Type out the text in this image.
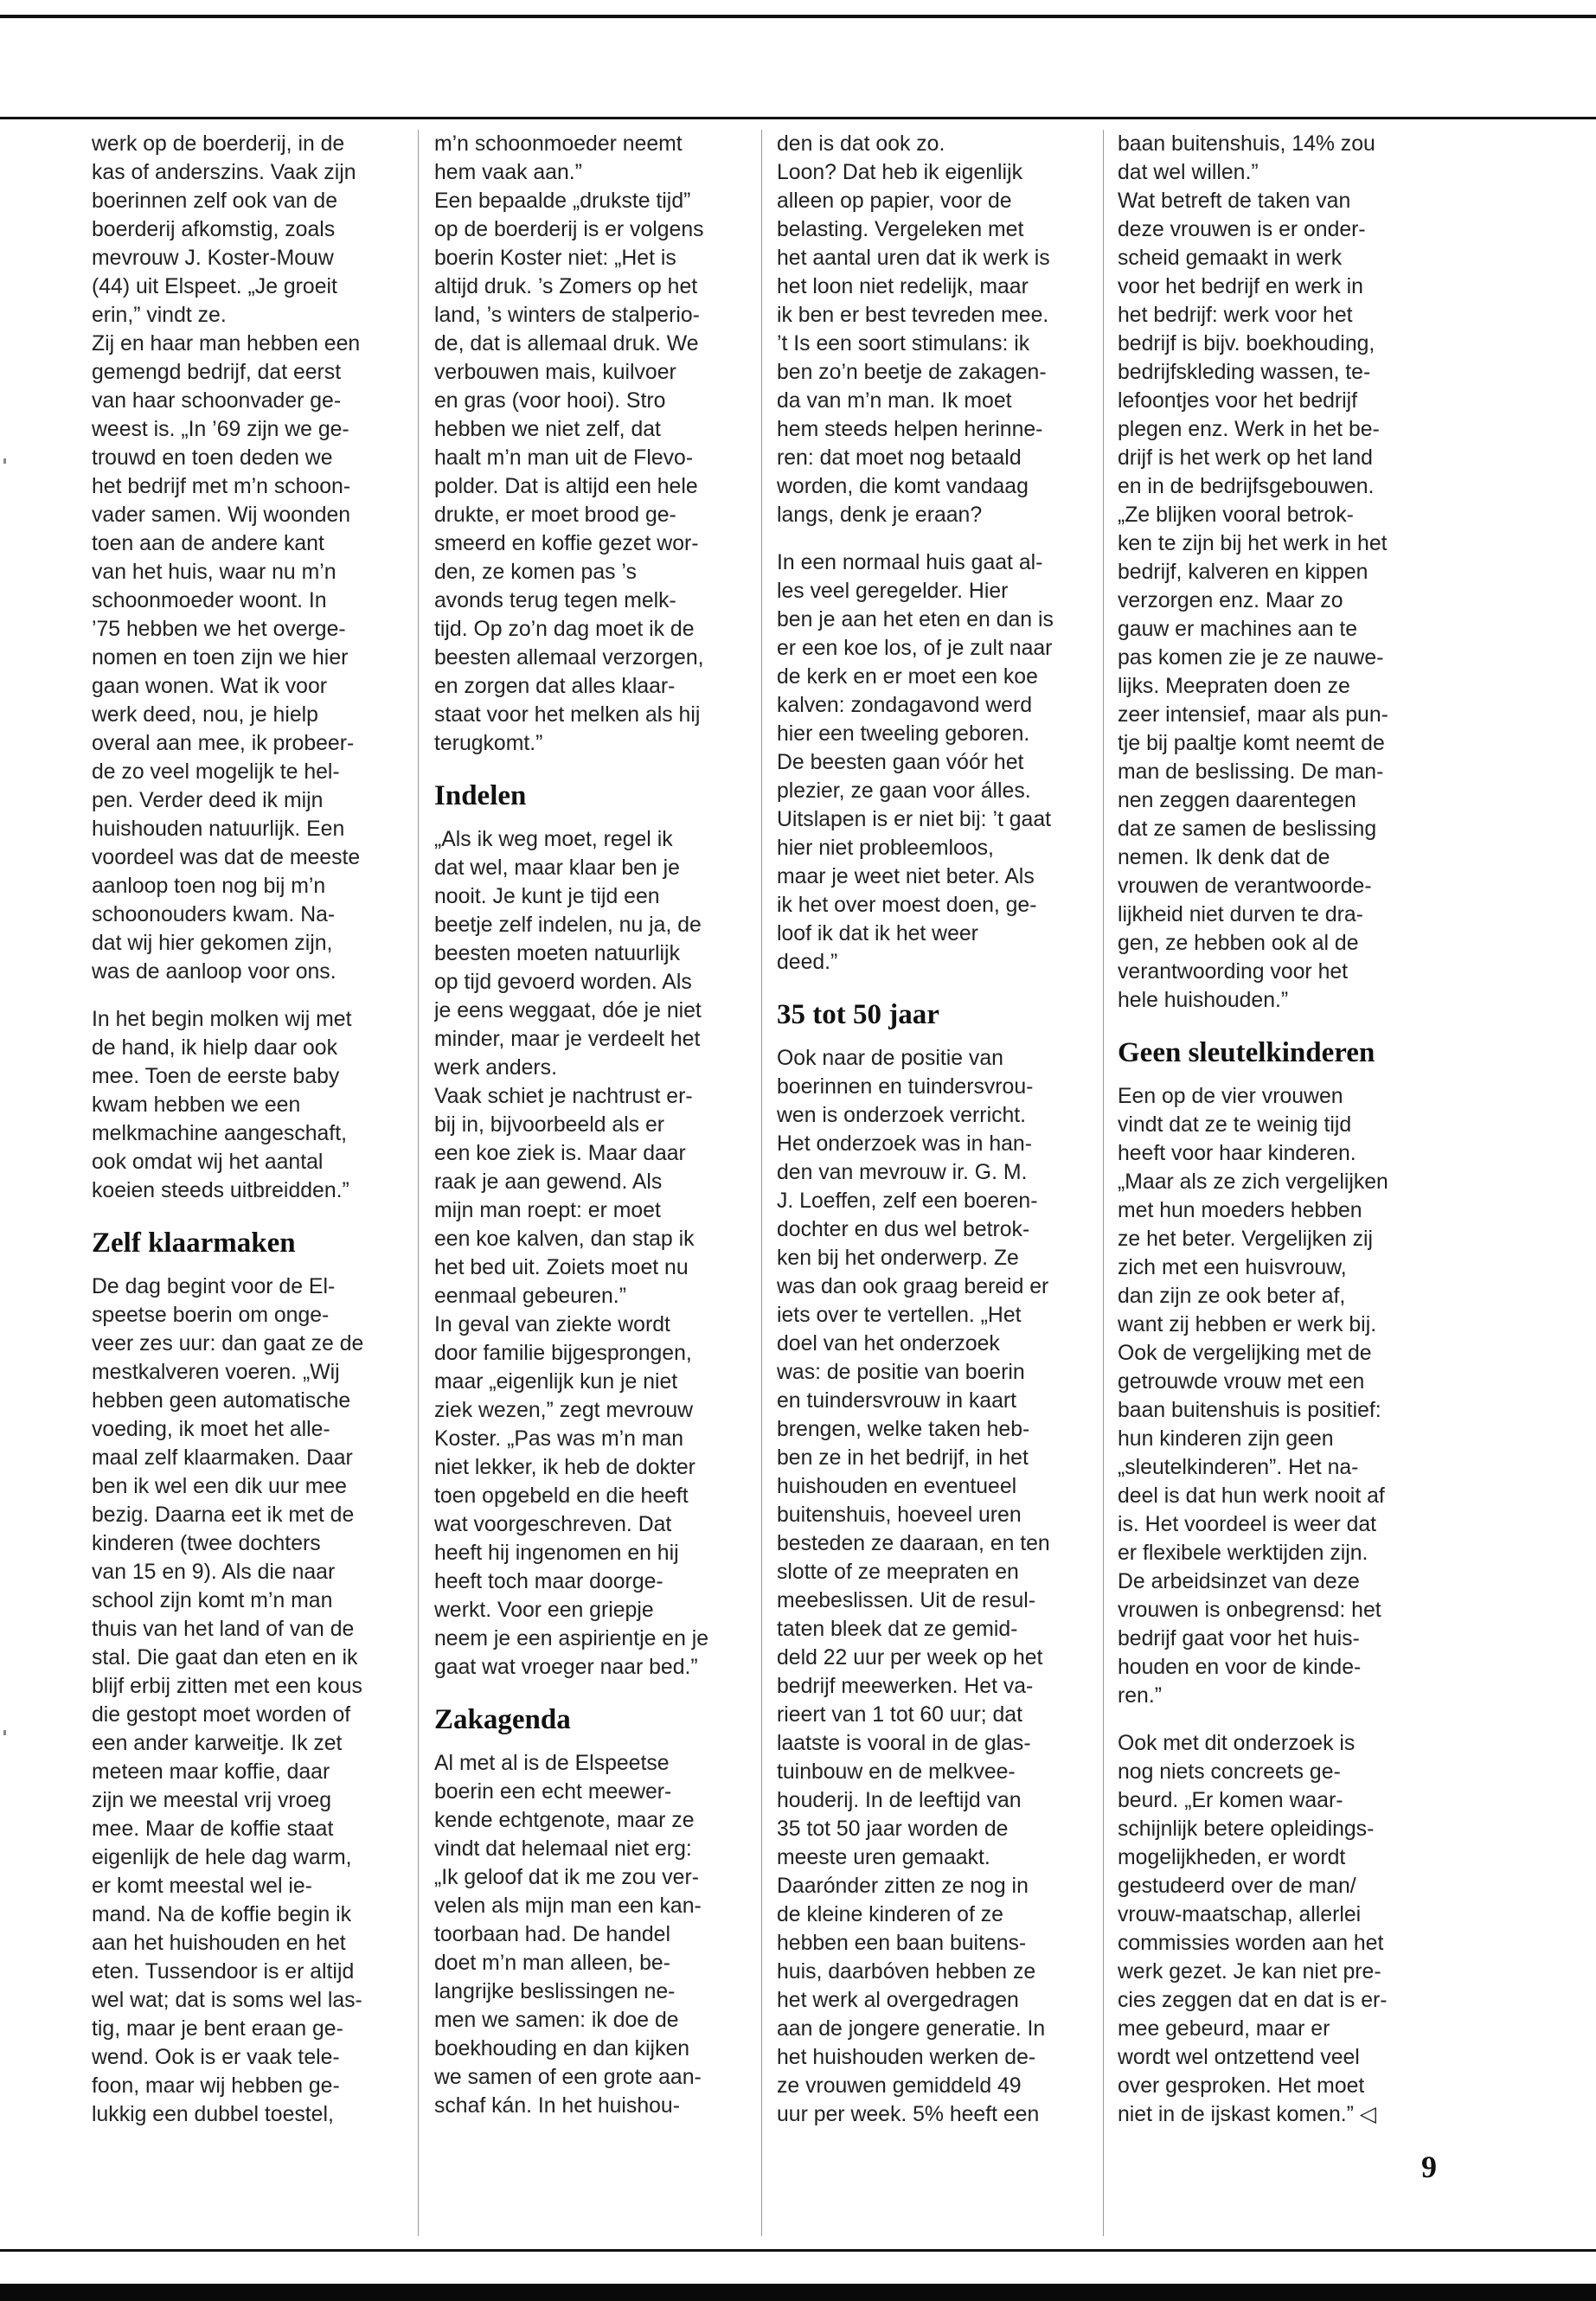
werk op de boerderij, in de
kas of anderszins. Vaak zijn
boerinnen zelf ook van de
boerderij afkomstig, zoals
mevrouw J. Koster-Mouw
(44) uit Elspeet. „Je groeit
erin,” vindt ze.
Zij en haar man hebben een
gemengd bedrijf, dat eerst
van haar schoonvader ge-
weest is. „In ’69 zijn we ge-
trouwd en toen deden we
het bedrijf met m’n schoon-
vader samen. Wij woonden
toen aan de andere kant
van het huis, waar nu m’n
schoonmoeder woont. In
’75 hebben we het overge-
nomen en toen zijn we hier
gaan wonen. Wat ik voor
werk deed, nou, je hielp
overal aan mee, ik probeer-
de zo veel mogelijk te hel-
pen. Verder deed ik mijn
huishouden natuurlijk. Een
voordeel was dat de meeste
aanloop toen nog bij m’n
schoonouders kwam. Na-
dat wij hier gekomen zijn,
was de aanloop voor ons.

In het begin molken wij met
de hand, ik hielp daar ook
mee. Toen de eerste baby
kwam hebben we een
melkmachine aangeschaft,
ook omdat wij het aantal
koeien steeds uitbreidden.”

Zelf klaarmaken

De dag begint voor de El-
speetse boerin om onge-
veer zes uur: dan gaat ze de
mestkalveren voeren. „Wij
hebben geen automatische
voeding, ik moet het alle-
maal zelf klaarmaken. Daar
ben ik wel een dik uur mee
bezig. Daarna eet ik met de
kinderen (twee dochters
van 15 en 9). Als die naar
school zijn komt m’n man
thuis van het land of van de
stal. Die gaat dan eten en ik
blijf erbij zitten met een kous
die gestopt moet worden of
een ander karweitje. Ik zet
meteen maar koffie, daar
zijn we meestal vrij vroeg
mee. Maar de koffie staat
eigenlijk de hele dag warm,
er komt meestal wel ie-
mand. Na de koffie begin ik
aan het huishouden en het
eten. Tussendoor is er altijd
wel wat; dat is soms wel las-
tig, maar je bent eraan ge-
wend. Ook is er vaak tele-
foon, maar wij hebben ge-
lukkig een dubbel toestel,

m’n schoonmoeder neemt
hem vaak aan.”
Een bepaalde „drukste tijd”
op de boerderij is er volgens
boerin Koster niet: „Het is
altijd druk. ’s Zomers op het
land, ’s winters de stalperio-
de, dat is allemaal druk. We
verbouwen mais, kuilvoer
en gras (voor hooi). Stro
hebben we niet zelf, dat
haalt m’n man uit de Flevo-
polder. Dat is altijd een hele
drukte, er moet brood ge-
smeerd en koffie gezet wor-
den, ze komen pas ’s
avonds terug tegen melk-
tijd. Op zo’n dag moet ik de
beesten allemaal verzorgen,
en zorgen dat alles klaar-
staat voor het melken als hij
terugkomt.”

Indelen

„Als ik weg moet, regel ik
dat wel, maar klaar ben je
nooit. Je kunt je tijd een
beetje zelf indelen, nu ja, de
beesten moeten natuurlijk
op tijd gevoerd worden. Als
je eens weggaat, dóe je niet
minder, maar je verdeelt het
werk anders.
Vaak schiet je nachtrust er-
bij in, bijvoorbeeld als er
een koe ziek is. Maar daar
raak je aan gewend. Als
mijn man roept: er moet
een koe kalven, dan stap ik
het bed uit. Zoiets moet nu
eenmaal gebeuren.”
In geval van ziekte wordt
door familie bijgesprongen,
maar „eigenlijk kun je niet
ziek wezen,” zegt mevrouw
Koster. „Pas was m’n man
niet lekker, ik heb de dokter
toen opgebeld en die heeft
wat voorgeschreven. Dat
heeft hij ingenomen en hij
heeft toch maar doorge-
werkt. Voor een griepje
neem je een aspirientje en je
gaat wat vroeger naar bed.”

Zakagenda

Al met al is de Elspeetse
boerin een echt meewer-
kende echtgenote, maar ze
vindt dat helemaal niet erg:
„Ik geloof dat ik me zou ver-
velen als mijn man een kan-
toorbaan had. De handel
doet m’n man alleen, be-
langrijke beslissingen ne-
men we samen: ik doe de
boekhouding en dan kijken
we samen of een grote aan-
schaf kán. In het huishou-

den is dat ook zo.
Loon? Dat heb ik eigenlijk
alleen op papier, voor de
belasting. Vergeleken met
het aantal uren dat ik werk is
het loon niet redelijk, maar
ik ben er best tevreden mee.
’t Is een soort stimulans: ik
ben zo’n beetje de zakagen-
da van m’n man. Ik moet
hem steeds helpen herinne-
ren: dat moet nog betaald
worden, die komt vandaag
langs, denk je eraan?

In een normaal huis gaat al-
les veel geregelder. Hier
ben je aan het eten en dan is
er een koe los, of je zult naar
de kerk en er moet een koe
kalven: zondagavond werd
hier een tweeling geboren.
De beesten gaan vóór het
plezier, ze gaan voor álles.
Uitslapen is er niet bij: ’t gaat
hier niet probleemloos,
maar je weet niet beter. Als
ik het over moest doen, ge-
loof ik dat ik het weer
deed.”

35 tot 50 jaar

Ook naar de positie van
boerinnen en tuindersvrou-
wen is onderzoek verricht.
Het onderzoek was in han-
den van mevrouw ir. G. M.
J. Loeffen, zelf een boeren-
dochter en dus wel betrok-
ken bij het onderwerp. Ze
was dan ook graag bereid er
iets over te vertellen. „Het
doel van het onderzoek
was: de positie van boerin
en tuindersvrouw in kaart
brengen, welke taken heb-
ben ze in het bedrijf, in het
huishouden en eventueel
buitenshuis, hoeveel uren
besteden ze daaraan, en ten
slotte of ze meepraten en
meebeslissen. Uit de resul-
taten bleek dat ze gemid-
deld 22 uur per week op het
bedrijf meewerken. Het va-
rieert van 1 tot 60 uur; dat
laatste is vooral in de glas-
tuinbouw en de melkvee-
houderij. In de leeftijd van
35 tot 50 jaar worden de
meeste uren gemaakt.
Daarónder zitten ze nog in
de kleine kinderen of ze
hebben een baan buitens-
huis, daarbóven hebben ze
het werk al overgedragen
aan de jongere generatie. In
het huishouden werken de-
ze vrouwen gemiddeld 49
uur per week. 5% heeft een

baan buitenshuis, 14% zou
dat wel willen.”
Wat betreft de taken van
deze vrouwen is er onder-
scheid gemaakt in werk
voor het bedrijf en werk in
het bedrijf: werk voor het
bedrijf is bijv. boekhouding,
bedrijfskleding wassen, te-
lefoontjes voor het bedrijf
plegen enz. Werk in het be-
drijf is het werk op het land
en in de bedrijfsgebouwen.
„Ze blijken vooral betrok-
ken te zijn bij het werk in het
bedrijf, kalveren en kippen
verzorgen enz. Maar zo
gauw er machines aan te
pas komen zie je ze nauwe-
lijks. Meepraten doen ze
zeer intensief, maar als pun-
tje bij paaltje komt neemt de
man de beslissing. De man-
nen zeggen daarentegen
dat ze samen de beslissing
nemen. Ik denk dat de
vrouwen de verantwoorde-
lijkheid niet durven te dra-
gen, ze hebben ook al de
verantwoording voor het
hele huishouden.”

Geen sleutelkinderen

Een op de vier vrouwen
vindt dat ze te weinig tijd
heeft voor haar kinderen.
„Maar als ze zich vergelijken
met hun moeders hebben
ze het beter. Vergelijken zij
zich met een huisvrouw,
dan zijn ze ook beter af,
want zij hebben er werk bij.
Ook de vergelijking met de
getrouwde vrouw met een
baan buitenshuis is positief:
hun kinderen zijn geen
„sleutelkinderen”. Het na-
deel is dat hun werk nooit af
is. Het voordeel is weer dat
er flexibele werktijden zijn.
De arbeidsinzet van deze
vrouwen is onbegrensd: het
bedrijf gaat voor het huis-
houden en voor de kinde-
ren.”

Ook met dit onderzoek is
nog niets concreets ge-
beurd. „Er komen waar-
schijnlijk betere opleidings-
mogelijkheden, er wordt
gestudeerd over de man/
vrouw-maatschap, allerlei
commissies worden aan het
werk gezet. Je kan niet pre-
cies zeggen dat en dat is er-
mee gebeurd, maar er
wordt wel ontzettend veel
over gesproken. Het moet
niet in de ijskast komen.” ◁

9
